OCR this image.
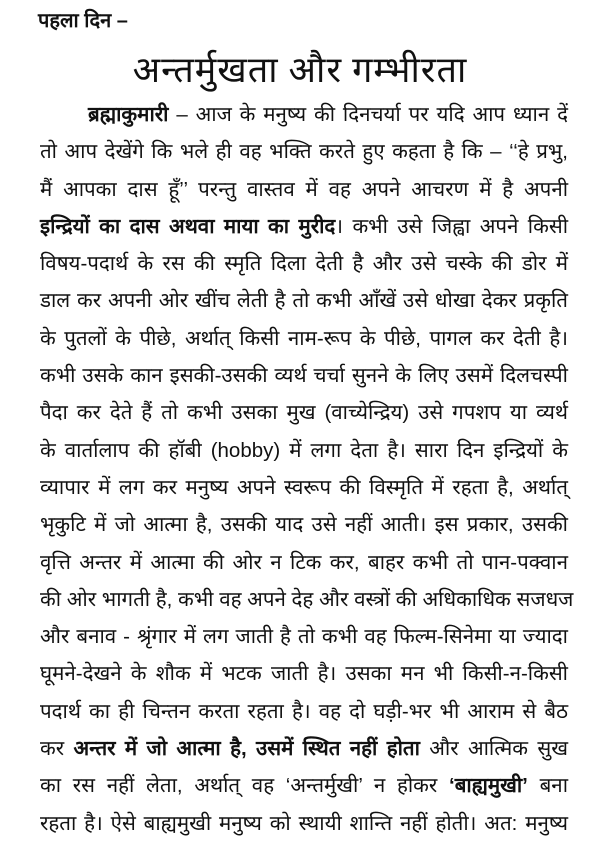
पहला दिन –
अन्तर्मुखता और गम्भीरता
ब्रह्माकुमारी – आज के मनुष्य की दिनचर्या पर यदि आप ध्यान दें
तो आप देखेंगे कि भले ही वह भक्ति करते हुए कहता है कि – ‘‘हे प्रभु,
मैं आपका दास हूँ’’ परन्तु वास्तव में वह अपने आचरण में है अपनी
इन्द्रियों का दास अथवा माया का मुरीद। कभी उसे जिह्वा अपने किसी
विषय-पदार्थ के रस की स्मृति दिला देती है और उसे चस्के की डोर में
डाल कर अपनी ओर खींच लेती है तो कभी आँखें उसे धोखा देकर प्रकृति
के पुतलों के पीछे, अर्थात् किसी नाम-रूप के पीछे, पागल कर देती है।
कभी उसके कान इसकी-उसकी व्यर्थ चर्चा सुनने के लिए उसमें दिलचस्पी
पैदा कर देते हैं तो कभी उसका मुख (वाच्येन्द्रिय) उसे गपशप या व्यर्थ
के वार्तालाप की हॉबी (hobby) में लगा देता है। सारा दिन इन्द्रियों के
व्यापार में लग कर मनुष्य अपने स्वरूप की विस्मृति में रहता है, अर्थात्
भृकुटि में जो आत्मा है, उसकी याद उसे नहीं आती। इस प्रकार, उसकी
वृत्ति अन्तर में आत्मा की ओर न टिक कर, बाहर कभी तो पान-पक्वान
की ओर भागती है, कभी वह अपने देह और वस्त्रों की अधिकाधिक सजधज
और बनाव - श्रृंगार में लग जाती है तो कभी वह फिल्म-सिनेमा या ज्यादा
घूमने-देखने के शौक में भटक जाती है। उसका मन भी किसी-न-किसी
पदार्थ का ही चिन्तन करता रहता है। वह दो घड़ी-भर भी आराम से बैठ
कर अन्तर में जो आत्मा है, उसमें स्थित नहीं होता और आत्मिक सुख
का रस नहीं लेता, अर्थात् वह ‘अन्तर्मुखी’ न होकर ‘बाह्यमुखी’ बना
रहता है। ऐसे बाह्यमुखी मनुष्य को स्थायी शान्ति नहीं होती। अत: मनुष्य
